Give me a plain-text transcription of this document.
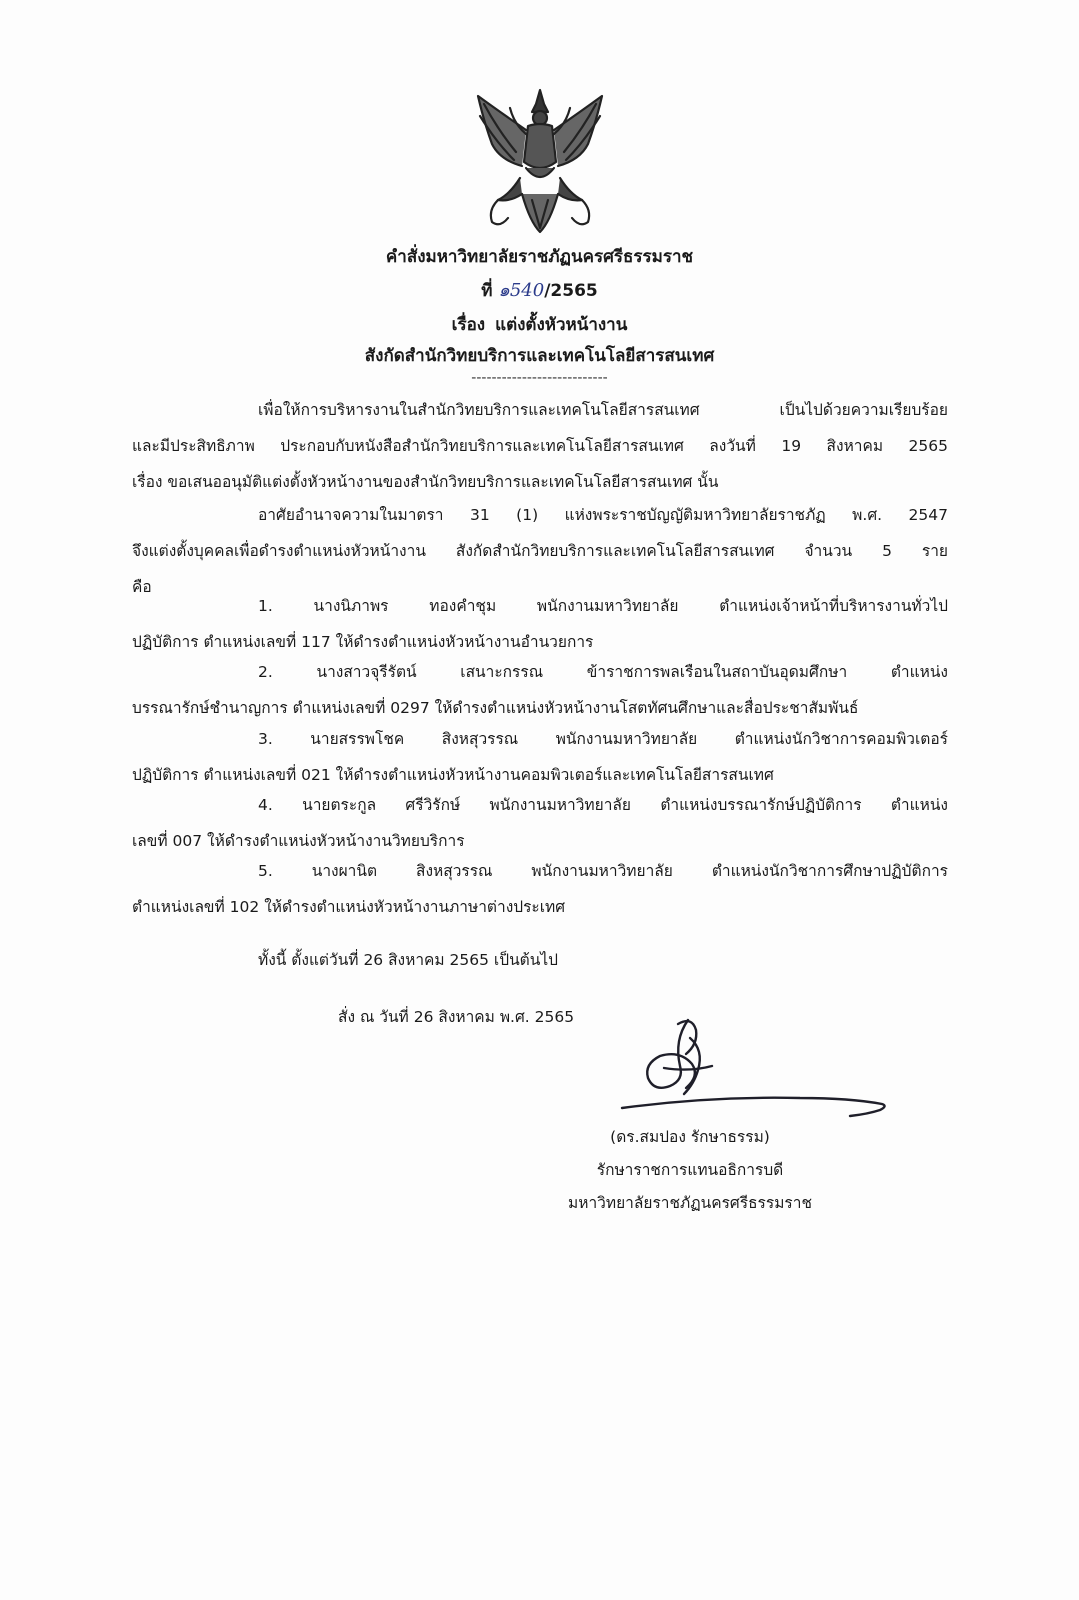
คำสั่งมหาวิทยาลัยราชภัฏนครศรีธรรมราช
ที่ ๑540/2565
เรื่อง แต่งตั้งหัวหน้างาน
สังกัดสำนักวิทยบริการและเทคโนโลยีสารสนเทศ
---------------------------
เพื่อให้การบริหารงานในสำนักวิทยบริการและเทคโนโลยีสารสนเทศ เป็นไปด้วยความเรียบร้อย
และมีประสิทธิภาพ ประกอบกับหนังสือสำนักวิทยบริการและเทคโนโลยีสารสนเทศ ลงวันที่ 19 สิงหาคม 2565
เรื่อง ขอเสนออนุมัติแต่งตั้งหัวหน้างานของสำนักวิทยบริการและเทคโนโลยีสารสนเทศ นั้น
อาศัยอำนาจความในมาตรา 31 (1) แห่งพระราชบัญญัติมหาวิทยาลัยราชภัฏ พ.ศ. 2547
จึงแต่งตั้งบุคคลเพื่อดำรงตำแหน่งหัวหน้างาน สังกัดสำนักวิทยบริการและเทคโนโลยีสารสนเทศ จำนวน 5 ราย
คือ
1. นางนิภาพร ทองคำชุม พนักงานมหาวิทยาลัย ตำแหน่งเจ้าหน้าที่บริหารงานทั่วไป
ปฏิบัติการ ตำแหน่งเลขที่ 117 ให้ดำรงตำแหน่งหัวหน้างานอำนวยการ
2. นางสาวจุรีรัตน์ เสนาะกรรณ ข้าราชการพลเรือนในสถาบันอุดมศึกษา ตำแหน่ง
บรรณารักษ์ชำนาญการ ตำแหน่งเลขที่ 0297 ให้ดำรงตำแหน่งหัวหน้างานโสตทัศนศึกษาและสื่อประชาสัมพันธ์
3. นายสรรพโชค สิงหสุวรรณ พนักงานมหาวิทยาลัย ตำแหน่งนักวิชาการคอมพิวเตอร์
ปฏิบัติการ ตำแหน่งเลขที่ 021 ให้ดำรงตำแหน่งหัวหน้างานคอมพิวเตอร์และเทคโนโลยีสารสนเทศ
4. นายตระกูล ศรีวิรักษ์ พนักงานมหาวิทยาลัย ตำแหน่งบรรณารักษ์ปฏิบัติการ ตำแหน่ง
เลขที่ 007 ให้ดำรงตำแหน่งหัวหน้างานวิทยบริการ
5. นางผานิต สิงหสุวรรณ พนักงานมหาวิทยาลัย ตำแหน่งนักวิชาการศึกษาปฏิบัติการ
ตำแหน่งเลขที่ 102 ให้ดำรงตำแหน่งหัวหน้างานภาษาต่างประเทศ
ทั้งนี้ ตั้งแต่วันที่ 26 สิงหาคม 2565 เป็นต้นไป
สั่ง ณ วันที่ 26 สิงหาคม พ.ศ. 2565
(ดร.สมปอง รักษาธรรม)
รักษาราชการแทนอธิการบดี
มหาวิทยาลัยราชภัฏนครศรีธรรมราช
